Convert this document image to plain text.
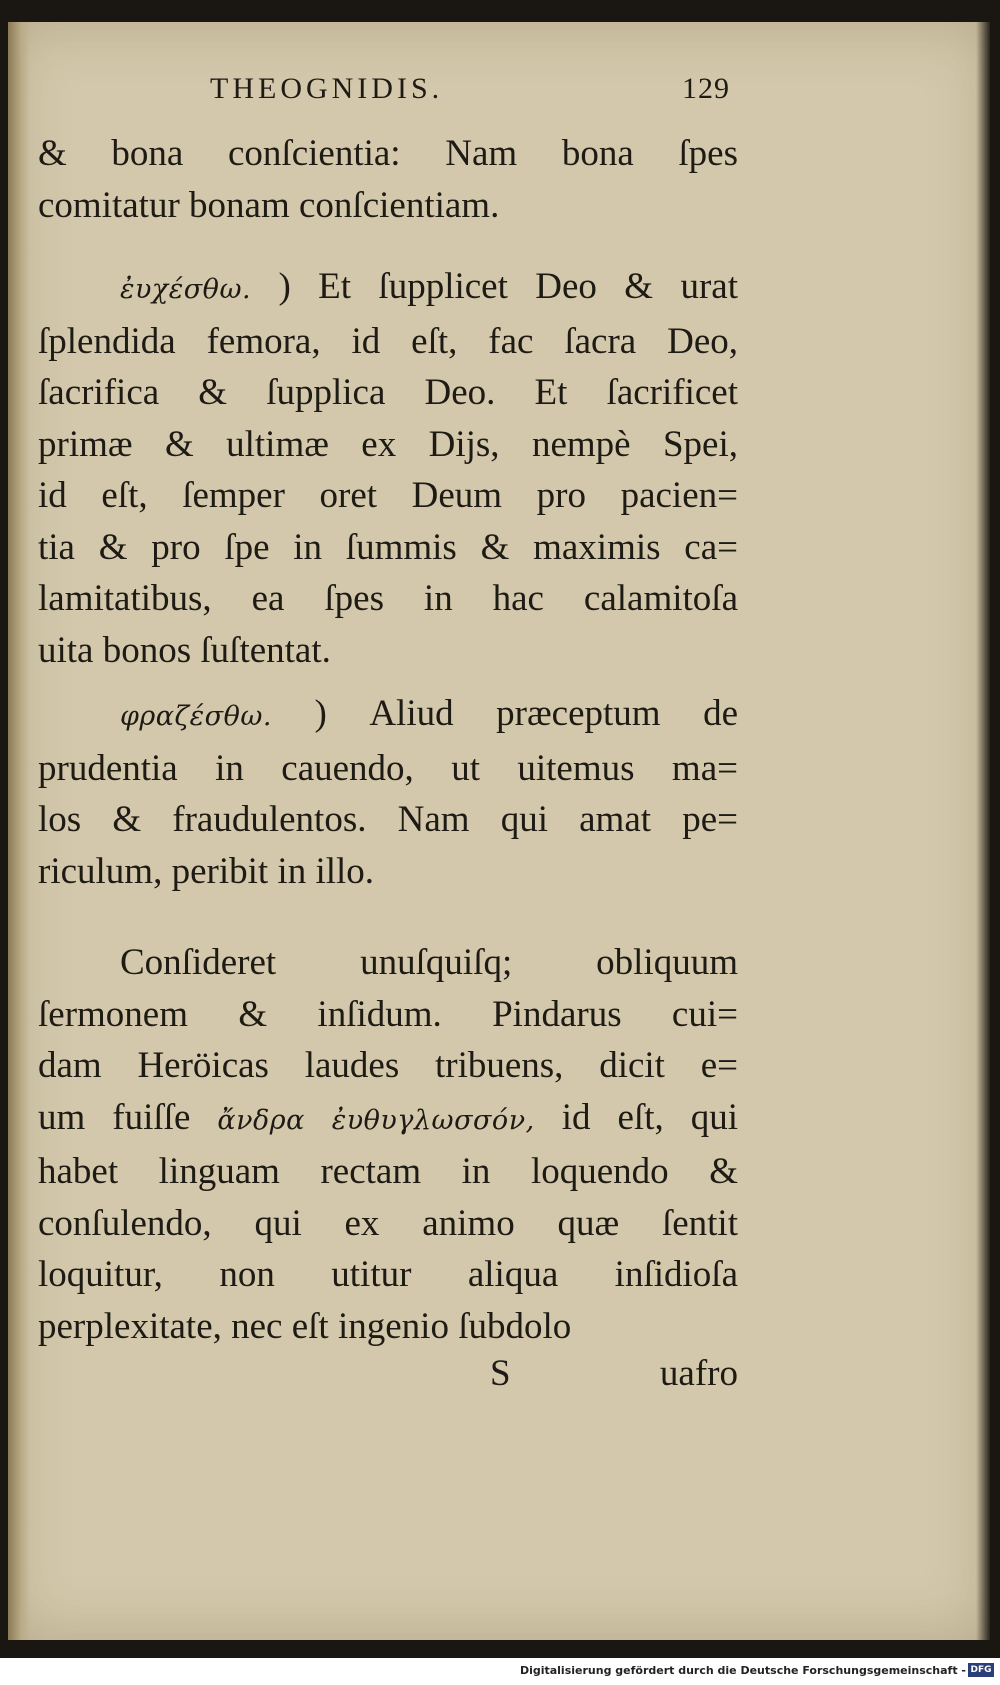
THEOGNIDIS.	129

& bona conſcientia: Nam bona ſpes
comitatur bonam conſcientiam.

ἐυχέσθω. ) Et ſupplicet Deo & urat
ſplendida femora, id eſt, fac ſacra Deo,
ſacrifica & ſupplica Deo. Et ſacrificet
primæ & ultimæ ex Dijs, nempè Spei,
id eſt, ſemper oret Deum pro pacien=
tia & pro ſpe in ſummis & maximis ca=
lamitatibus, ea ſpes in hac calamitoſa
uita bonos ſuſtentat.

φραζέσθω. ) Aliud præceptum de
prudentia in cauendo, ut uitemus ma=
los & fraudulentos. Nam qui amat pe=
riculum, peribit in illo.

Conſideret unuſquiſq; obliquum
ſermonem & inſidum. Pindarus cui=
dam Heröicas laudes tribuens, dicit e=
um fuiſſe ἄνδρα ἐυθυγλωσσόν, id eſt, qui
habet linguam rectam in loquendo &
conſulendo, qui ex animo quæ ſentit
loquitur, non utitur aliqua inſidioſa
perplexitate, nec eſt ingenio ſubdolo

S	uafro
Digitalisierung gefördert durch die Deutsche Forschungsgemeinschaft - DFG
